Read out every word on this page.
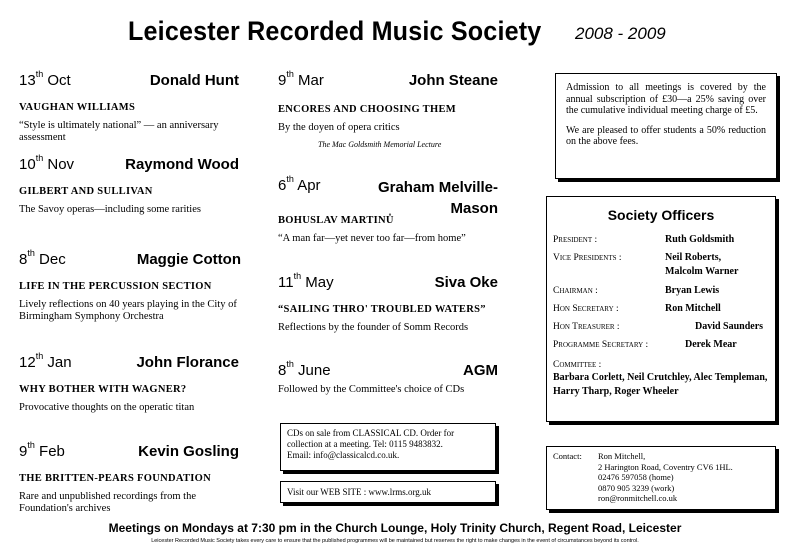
Leicester Recorded Music Society 2008 - 2009
13th Oct	Donald Hunt
VAUGHAN WILLIAMS
“Style is ultimately national” — an anniversary assessment
10th Nov	Raymond Wood
GILBERT AND SULLIVAN
The Savoy operas—including some rarities
8th Dec	Maggie Cotton
LIFE IN THE PERCUSSION SECTION
Lively reflections on 40 years playing in the City of Birmingham Symphony Orchestra
12th Jan	John Florance
WHY BOTHER WITH WAGNER?
Provocative thoughts on the operatic titan
9th Feb	Kevin Gosling
THE BRITTEN-PEARS FOUNDATION
Rare and unpublished recordings from the Foundation's archives
9th Mar	John Steane
ENCORES AND CHOOSING THEM
By the doyen of opera critics
The Mac Goldsmith Memorial Lecture
6th Apr	Graham Melville-Mason
BOHUSLAV MARTINŮ
“A man far—yet never too far—from home”
11th May	Siva Oke
“SAILING THRO' TROUBLED WATERS”
Reflections by the founder of Somm Records
8th June	AGM
Followed by the Committee's choice of CDs
CDs on sale from CLASSICAL CD. Order for
collection at a meeting. Tel: 0115 9483832.
Email: info@classicalcd.co.uk.
Visit our WEB SITE : www.lrms.org.uk

Admission to all meetings is covered by the annual subscription of £30—a 25% saving over the cumulative individual meeting charge of £5.

We are pleased to offer students a 50% reduction on the above fees.

Society Officers
President :	Ruth Goldsmith
Vice Presidents :	Neil Roberts,
Malcolm Warner
Chairman :	Bryan Lewis
Hon Secretary :	Ron Mitchell
Hon Treasurer :	David Saunders
Programme Secretary :	Derek Mear
Committee :
Barbara Corlett, Neil Crutchley, Alec Templeman, Harry Tharp, Roger Wheeler
Contact: Ron Mitchell,
2 Harington Road, Coventry CV6 1HL.
02476 597058 (home)
0870 905 3239 (work)
ron@ronmitchell.co.uk
Meetings on Mondays at 7:30 pm in the Church Lounge, Holy Trinity Church, Regent Road, Leicester
Leicester Recorded Music Society takes every care to ensure that the published programmes will be maintained but reserves the right to make changes in the event of circumstances beyond its control.
